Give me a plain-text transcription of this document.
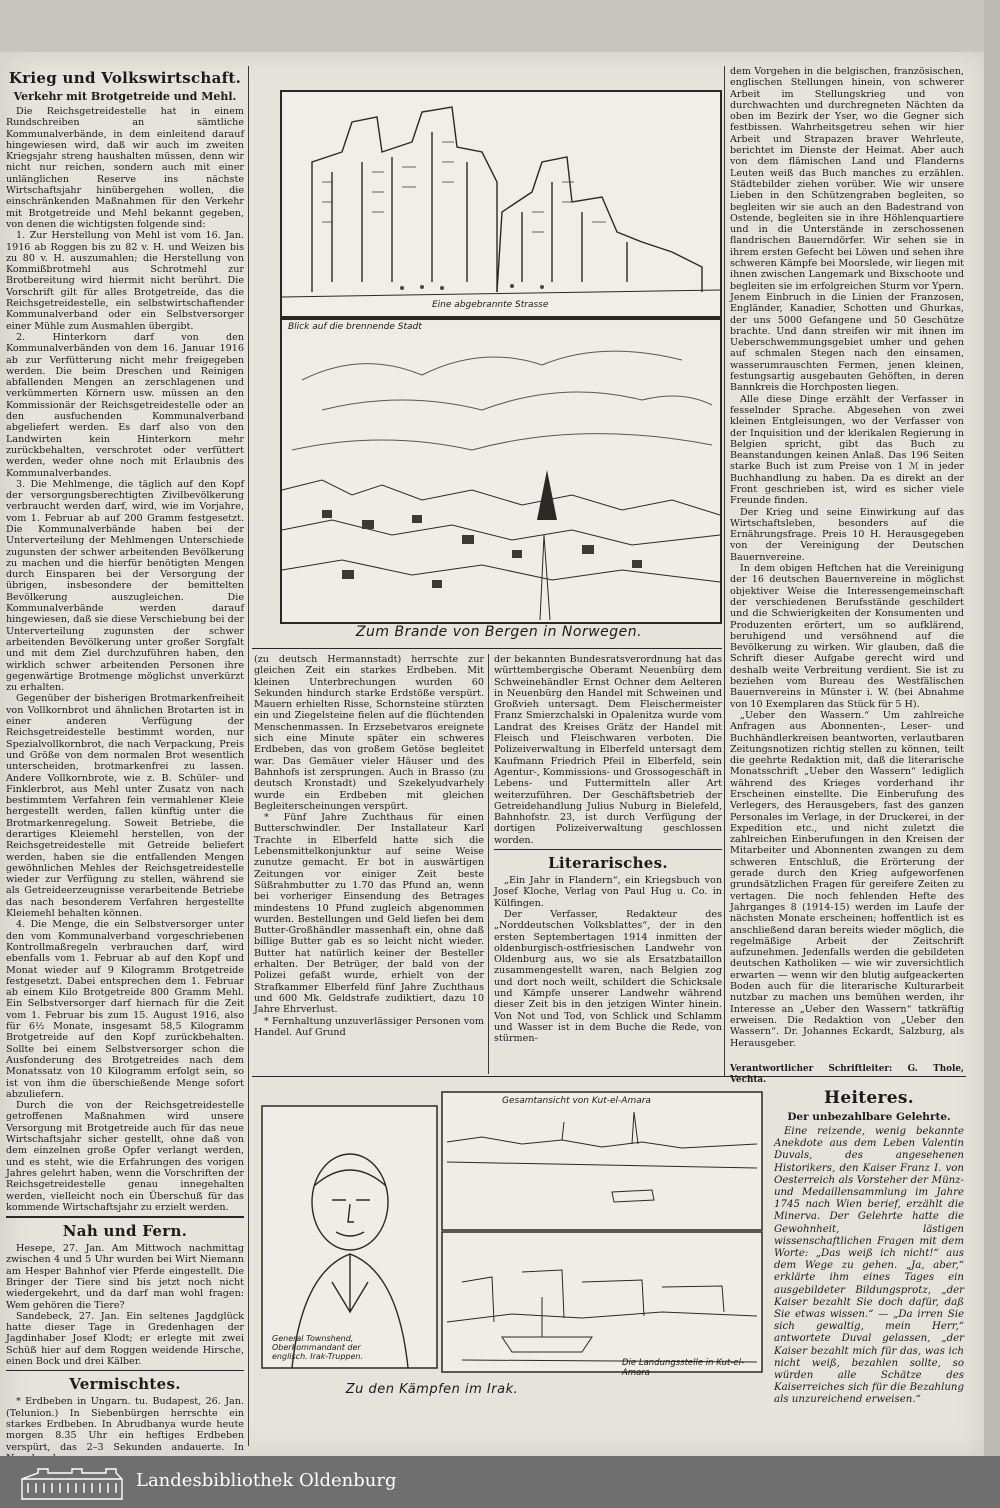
Krieg und Volkswirtschaft.
Verkehr mit Brotgetreide und Mehl.

Die Reichsgetreidestelle hat in einem Rundschreiben an sämtliche Kommunalverbände, in dem einleitend darauf hingewiesen wird, daß wir auch im zweiten Kriegsjahr streng haushalten müssen, denn wir nicht nur reichen, sondern auch mit einer unlänglichen Reserve ins nächste Wirtschaftsjahr hinübergehen wollen, die einschränkenden Maßnahmen für den Verkehr mit Brotgetreide und Mehl bekannt gegeben, von denen die wichtigsten folgende sind:

1. Zur Herstellung von Mehl ist vom 16. Jan. 1916 ab Roggen bis zu 82 v. H. und Weizen bis zu 80 v. H. auszumahlen; die Herstellung von Kommißbrotmehl aus Schrotmehl zur Brotbereitung wird hiermit nicht berührt. Die Vorschrift gilt für alles Brotgetreide, das die Reichsgetreidestelle, ein selbstwirtschaftender Kommunalverband oder ein Selbstversorger einer Mühle zum Ausmahlen übergibt.

2. Hinterkorn darf von den Kommunalverbänden von dem 16. Januar 1916 ab zur Verfütterung nicht mehr freigegeben werden. Die beim Dreschen und Reinigen abfallenden Mengen an zerschlagenen und verkümmerten Körnern usw. müssen an den Kommissionär der Reichsgetreidestelle oder an den ausfuchenden Kommunalverband abgeliefert werden. Es darf also von den Landwirten kein Hinterkorn mehr zurückbehalten, verschrotet oder verfüttert werden, weder ohne noch mit Erlaubnis des Kommunalverbandes.

3. Die Mehlmenge, die täglich auf den Kopf der versorgungsberechtigten Zivilbevölkerung verbraucht werden darf, wird, wie im Vorjahre, vom 1. Februar ab auf 200 Gramm festgesetzt. Die Kommunalverbände haben bei der Unterverteilung der Mehlmengen Unterschiede zugunsten der schwer arbeitenden Bevölkerung zu machen und die hierfür benötigten Mengen durch Einsparen bei der Versorgung der übrigen, insbesondere der bemittelten Bevölkerung auszugleichen. Die Kommunalverbände werden darauf hingewiesen, daß sie diese Verschiebung bei der Unterverteilung zugunsten der schwer arbeitenden Bevölkerung unter großer Sorgfalt und mit dem Ziel durchzuführen haben, den wirklich schwer arbeitenden Personen ihre gegenwärtige Brotmenge möglichst unverkürzt zu erhalten.

Gegenüber der bisherigen Brotmarkenfreiheit von Vollkornbrot und ähnlichen Brotarten ist in einer anderen Verfügung der Reichsgetreidestelle bestimmt worden, nur Spezialvollkornbrot, die nach Verpackung, Preis und Größe von dem normalen Brot wesentlich unterscheiden, brotmarkenfrei zu lassen. Andere Vollkornbrote, wie z. B. Schüler- und Finklerbrot, aus Mehl unter Zusatz von nach bestimmtem Verfahren fein vermahlener Kleie hergestellt werden, fallen künftig unter die Brotmarkenregelung. Soweit Betriebe, die derartiges Kleiemehl herstellen, von der Reichsgetreidestelle mit Getreide beliefert werden, haben sie die entfallenden Mengen gewöhnlichen Mehles der Reichsgetreidestelle wieder zur Verfügung zu stellen, während sie als Getreideerzeugnisse verarbeitende Betriebe das nach besonderem Verfahren hergestellte Kleiemehl behalten können.

4. Die Menge, die ein Selbstversorger unter den vom Kommunalverband vorgeschriebenen Kontrollmaßregeln verbrauchen darf, wird ebenfalls vom 1. Februar ab auf den Kopf und Monat wieder auf 9 Kilogramm Brotgetreide festgesetzt. Dabei entsprechen dem 1. Februar ab einem Kilo Brotgetreide 800 Gramm Mehl. Ein Selbstversorger darf hiernach für die Zeit vom 1. Februar bis zum 15. August 1916, also für 6½ Monate, insgesamt 58,5 Kilogramm Brotgetreide auf den Kopf zurückbehalten. Sollte bei einem Selbstversorger schon die Ausfonderung des Brotgetreides nach dem Monatssatz von 10 Kilogramm erfolgt sein, so ist von ihm die überschießende Menge sofort abzuliefern.

Durch die von der Reichsgetreidestelle getroffenen Maßnahmen wird unsere Versorgung mit Brotgetreide auch für das neue Wirtschaftsjahr sicher gestellt, ohne daß von dem einzelnen große Opfer verlangt werden, und es steht, wie die Erfahrungen des vorigen Jahres gelehrt haben, wenn die Vorschriften der Reichsgetreidestelle genau innegehalten werden, vielleicht noch ein Überschuß für das kommende Wirtschaftsjahr zu erzielt werden.

Nah und Fern.

Hesepe, 27. Jan. Am Mittwoch nachmittag zwischen 4 und 5 Uhr wurden bei Wirt Niemann am Hesper Bahnhof vier Pferde eingestellt. Die Bringer der Tiere sind bis jetzt noch nicht wiedergekehrt, und da darf man wohl fragen: Wem gehören die Tiere?

Sandebeck, 27. Jan. Ein seltenes Jagdglück hatte dieser Tage in Gredenhagen der Jagdinhaber Josef Klodt; er erlegte mit zwei Schüß hier auf dem Roggen weidende Hirsche, einen Bock und drei Kälber.

Vermischtes.

* Erdbeben in Ungarn. tu. Budapest, 26. Jan. (Telunion.) In Siebenbürgen herrschte ein starkes Erdbeben. In Abrudbanya wurde heute morgen 8.35 Uhr ein heftiges Erdbeben verspürt, das 2–3 Sekunden andauerte. In

Eine abgebrannte Strasse
Blick auf die brennende Stadt
Zum Brande von Bergen in Norwegen.

(zu deutsch Hermannstadt) herrschte zur gleichen Zeit ein starkes Erdbeben. Mit kleinen Unterbrechungen wurden 60 Sekunden hindurch starke Erdstöße verspürt. Mauern erhielten Risse, Schornsteine stürzten ein und Ziegelsteine fielen auf die flüchtenden Menschenmassen. In Erzsebetvaros ereignete sich eine Minute später ein schweres Erdbeben, das von großem Getöse begleitet war. Das Gemäuer vieler Häuser und des Bahnhofs ist zersprungen. Auch in Brasso (zu deutsch Kronstadt) und Szekelyudvarhely wurde ein Erdbeben mit gleichen Begleiterscheinungen verspürt.

* Fünf Jahre Zuchthaus für einen Butterschwindler. Der Installateur Karl Trachte in Elberfeld hatte sich die Lebensmittelkonjunktur auf seine Weise zunutze gemacht. Er bot in auswärtigen Zeitungen vor einiger Zeit beste Süßrahmbutter zu 1.70 das Pfund an, wenn bei vorheriger Einsendung des Betrages mindestens 10 Pfund zugleich abgenommen wurden. Bestellungen und Geld liefen bei dem Butter-Großhändler massenhaft ein, ohne daß billige Butter gab es so leicht nicht wieder. Butter hat natürlich keiner der Besteller erhalten. Der Betrüger, der bald von der Polizei gefaßt wurde, erhielt von der Strafkammer Elberfeld fünf Jahre Zuchthaus und 600 Mk. Geldstrafe zudiktiert, dazu 10 Jahre Ehrverlust.

* Fernhaltung unzuverlässiger Personen vom Handel. Auf Grund

der bekannten Bundesratsverordnung hat das württembergische Oberamt Neuenbürg dem Schweinehändler Ernst Ochner dem Aelteren in Neuenbürg den Handel mit Schweinen und Großvieh untersagt. Dem Fleischermeister Franz Smierzchalski in Opalenitza wurde vom Landrat des Kreises Grätz der Handel mit Fleisch und Fleischwaren verboten. Die Polizeiverwaltung in Elberfeld untersagt dem Kaufmann Friedrich Pfeil in Elberfeld, sein Agentur-, Kommissions- und Grossogeschäft in Lebens- und Futtermitteln aller Art weiterzuführen. Der Geschäftsbetrieb der Getreidehandlung Julius Nuburg in Bielefeld, Bahnhofstr. 23, ist durch Verfügung der dortigen Polizeiverwaltung geschlossen worden.

Literarisches.

„Ein Jahr in Flandern“, ein Kriegsbuch von Josef Kloche, Verlag von Paul Hug u. Co. in Külfingen.

Der Verfasser, Redakteur des „Norddeutschen Volksblattes“, der in den ersten Septembertagen 1914 inmitten der oldenburgisch-ostfriesischen Landwehr von Oldenburg aus, wo sie als Ersatzbataillon zusammengestellt waren, nach Belgien zog und dort noch weilt, schildert die Schicksale und Kämpfe unserer Landwehr während dieser Zeit bis in den jetzigen Winter hinein. Von Not und Tod, von Schlick und Schlamm und Wasser ist in dem Buche die Rede, von stürmen-

Gesamtansicht von Kut-el-Amara
Die Landungsstelle in Kut-el-Amara
General Townshend, Oberkommandant der englisch. Irak-Truppen.
Zu den Kämpfen im Irak.

dem Vorgehen in die belgischen, französischen, englischen Stellungen hinein, von schwerer Arbeit im Stellungskrieg und von durchwachten und durchregneten Nächten da oben im Bezirk der Yser, wo die Gegner sich festbissen. Wahrheitsgetreu sehen wir hier Arbeit und Strapazen braver Wehrleute, berichtet im Dienste der Heimat. Aber auch von dem flämischen Land und Flanderns Leuten weiß das Buch manches zu erzählen. Städtebilder ziehen vorüber. Wie wir unsere Lieben in den Schützengraben begleiten, so begleiten wir sie auch an den Badestrand von Ostende, begleiten sie in ihre Höhlenquartiere und in die Unterstände in zerschossenen flandrischen Bauerndörfer. Wir sehen sie in ihrem ersten Gefecht bei Löwen und sehen ihre schweren Kämpfe bei Moorslede, wir liegen mit ihnen zwischen Langemark und Bixschoote und begleiten sie im erfolgreichen Sturm vor Ypern. Jenem Einbruch in die Linien der Franzosen, Engländer, Kanadier, Schotten und Ghurkas, der uns 5000 Gefangene und 50 Geschütze brachte. Und dann streifen wir mit ihnen im Ueberschwemmungsgebiet umher und gehen auf schmalen Stegen nach den einsamen, wasserumrauschten Fermen, jenen kleinen, festungsartig ausgebauten Gehöften, in deren Bannkreis die Horchposten liegen.

Alle diese Dinge erzählt der Verfasser in fesselnder Sprache. Abgesehen von zwei kleinen Entgleisungen, wo der Verfasser von der Inquisition und der klerikalen Regierung in Belgien spricht, gibt das Buch zu Beanstandungen keinen Anlaß. Das 196 Seiten starke Buch ist zum Preise von 1 ℳ in jeder Buchhandlung zu haben. Da es direkt an der Front geschrieben ist, wird es sicher viele Freunde finden.

Der Krieg und seine Einwirkung auf das Wirtschaftsleben, besonders auf die Ernährungsfrage. Preis 10 H. Herausgegeben von der Vereinigung der Deutschen Bauernvereine.

In dem obigen Heftchen hat die Vereinigung der 16 deutschen Bauernvereine in möglichst objektiver Weise die Interessengemeinschaft der verschiedenen Berufsstände geschildert und die Schwierigkeiten der Konsumenten und Produzenten erörtert, um so aufklärend, beruhigend und versöhnend auf die Bevölkerung zu wirken. Wir glauben, daß die Schrift dieser Aufgabe gerecht wird und deshalb weite Verbreitung verdient. Sie ist zu beziehen vom Bureau des Westfälischen Bauernvereins in Münster i. W. (bei Abnahme von 10 Exemplaren das Stück für 5 H).

„Ueber den Wassern.“ Um zahlreiche Anfragen aus Abonnenten-, Leser- und Buchhändlerkreisen beantworten, verlautbaren Zeitungsnotizen richtig stellen zu können, teilt die geehrte Redaktion mit, daß die literarische Monatsschrift „Ueber den Wassern“ lediglich während des Krieges vorderhand ihr Erscheinen einstellte. Die Einberufung des Verlegers, des Herausgebers, fast des ganzen Personales im Verlage, in der Druckerei, in der Expedition etc., und nicht zuletzt die zahlreichen Einberufungen in den Kreisen der Mitarbeiter und Abonnenten zwangen zu dem schweren Entschluß, die Erörterung der gerade durch den Krieg aufgeworfenen grundsätzlichen Fragen für gereifere Zeiten zu vertagen. Die noch fehlenden Hefte des Jahrganges 8 (1914-15) werden im Laufe der nächsten Monate erscheinen; hoffentlich ist es anschließend daran bereits wieder möglich, die regelmäßige Arbeit der Zeitschrift aufzunehmen. Jedenfalls werden die gebildeten deutschen Katholiken — wie wir zuversichtlich erwarten — wenn wir den blutig aufgeackerten Boden auch für die literarische Kulturarbeit nutzbar zu machen uns bemühen werden, ihr Interesse an „Ueber den Wassern“ tatkräftig erweisen. Die Redaktion von „Ueber den Wassern“. Dr. Johannes Eckardt, Salzburg, als Herausgeber.

Verantwortlicher Schriftleiter: G. Thole, Vechta.
Heiteres.
Der unbezahlbare Gelehrte.

Eine reizende, wenig bekannte Anekdote aus dem Leben Valentin Duvals, des angesehenen Historikers, den Kaiser Franz I. von Oesterreich als Vorsteher der Münz- und Medaillensammlung im Jahre 1745 nach Wien berief, erzählt die Minerva. Der Gelehrte hatte die Gewohnheit, lästigen wissenschaftlichen Fragen mit dem Worte: „Das weiß ich nicht!“ aus dem Wege zu gehen. „Ja, aber,“ erklärte ihm eines Tages ein ausgebildeter Bildungsprotz, „der Kaiser bezahlt Sie doch dafür, daß Sie etwas wissen.“ — „Da irren Sie sich gewaltig, mein Herr,“ antwortete Duval gelassen, „der Kaiser bezahlt mich für das, was ich nicht weiß, bezahlen sollte, so würden alle Schätze des Kaiserreiches sich für die Bezahlung als unzureichend erweisen.“

Landesbibliothek Oldenburg
